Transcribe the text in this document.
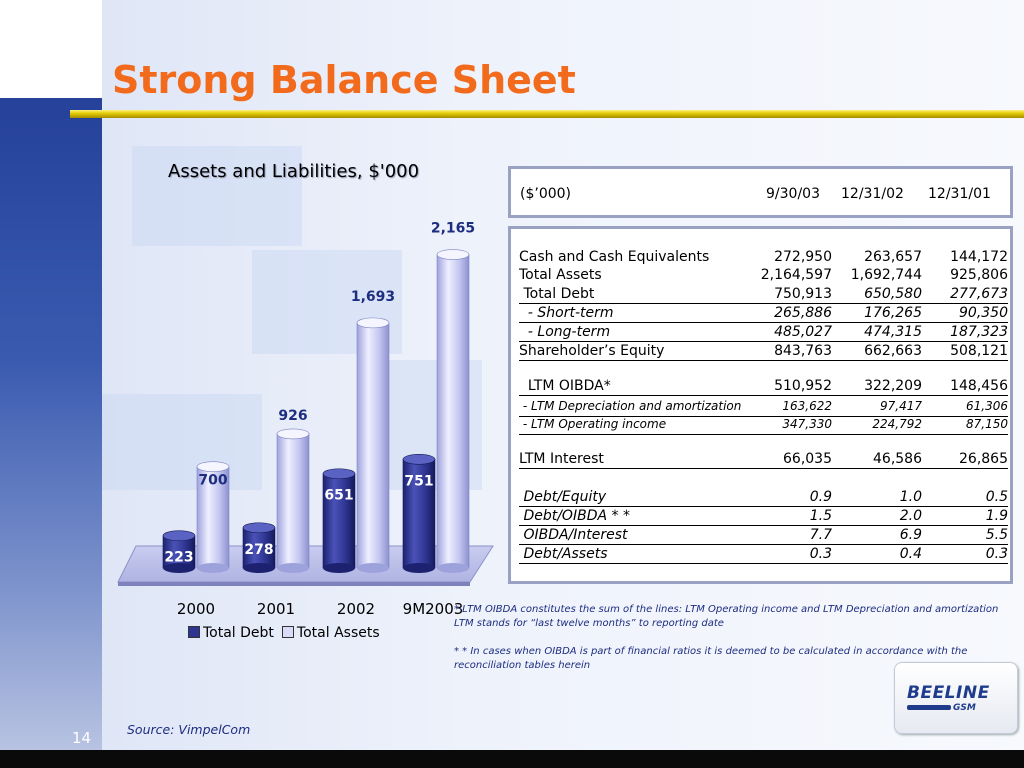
Strong Balance Sheet
Assets and Liabilities, $'000
223	278
651
751
700
926
1,693
2,165
2000	2001	2002 9M2003
Total Debt	Total Assets
($’000)	9/30/03 12/31/02 12/31/01
Cash and Cash Equivalents	272,950 263,657 144,172
Total Assets	2,164,597 1,692,744 925,806
Total Debt	750,913 650,580 277,673
- Short-term	265,886 176,265	90,350
- Long-term	485,027 474,315 187,323
Shareholder’s Equity	843,763 662,663 508,121
LTM OIBDA*	510,952 322,209 148,456
- LTM Depreciation and amortization	163,622	97,417	61,306
- LTM Operating income	347,330	224,792	87,150
LTM Interest	66,035	46,586	26,865
Debt/Equity	0.9	1.0	0.5
Debt/OIBDA * *	1.5	2.0	1.9
OIBDA/Interest	7.7	6.9	5.5
Debt/Assets	0.3	0.4	0.3

* LTM OIBDA constitutes the sum of the lines: LTM Operating income and LTM Depreciation and amortization LTM stands for “last twelve months” to reporting date

* * In cases when OIBDA is part of financial ratios it is deemed to be calculated in accordance with the reconciliation tables herein

BEELINE
GSM
Source: VimpelCom
14
